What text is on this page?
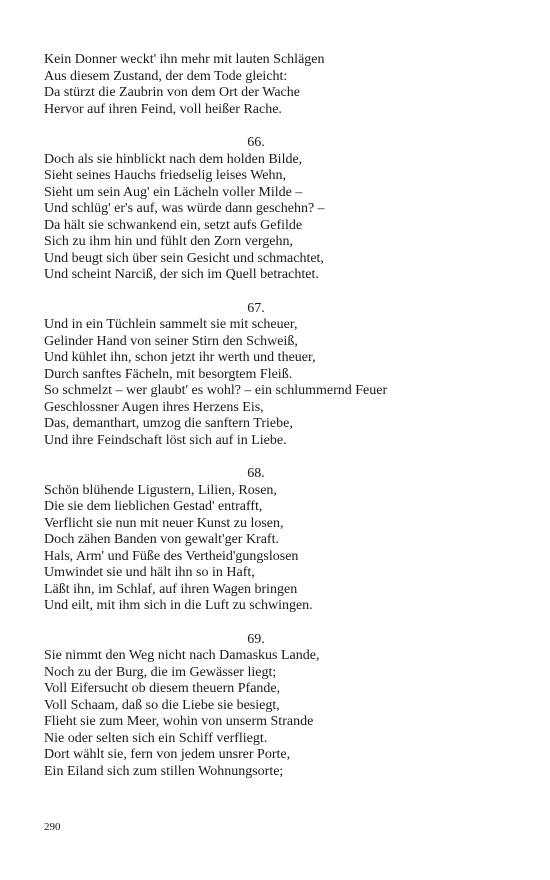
Kein Donner weckt' ihn mehr mit lauten Schlägen
Aus diesem Zustand, der dem Tode gleicht:
Da stürzt die Zaubrin von dem Ort der Wache
Hervor auf ihren Feind, voll heißer Rache.
66.
Doch als sie hinblickt nach dem holden Bilde,
Sieht seines Hauchs friedselig leises Wehn,
Sieht um sein Aug' ein Lächeln voller Milde –
Und schlüg' er's auf, was würde dann geschehn? –
Da hält sie schwankend ein, setzt aufs Gefilde
Sich zu ihm hin und fühlt den Zorn vergehn,
Und beugt sich über sein Gesicht und schmachtet,
Und scheint Narciß, der sich im Quell betrachtet.
67.
Und in ein Tüchlein sammelt sie mit scheuer,
Gelinder Hand von seiner Stirn den Schweiß,
Und kühlet ihn, schon jetzt ihr werth und theuer,
Durch sanftes Fächeln, mit besorgtem Fleiß.
So schmelzt – wer glaubt' es wohl? – ein schlummernd Feuer
Geschlossner Augen ihres Herzens Eis,
Das, demanthart, umzog die sanftern Triebe,
Und ihre Feindschaft löst sich auf in Liebe.
68.
Schön blühende Ligustern, Lilien, Rosen,
Die sie dem lieblichen Gestad' entrafft,
Verflicht sie nun mit neuer Kunst zu losen,
Doch zähen Banden von gewalt'ger Kraft.
Hals, Arm' und Füße des Vertheid'gungslosen
Umwindet sie und hält ihn so in Haft,
Läßt ihn, im Schlaf, auf ihren Wagen bringen
Und eilt, mit ihm sich in die Luft zu schwingen.
69.
Sie nimmt den Weg nicht nach Damaskus Lande,
Noch zu der Burg, die im Gewässer liegt;
Voll Eifersucht ob diesem theuern Pfande,
Voll Schaam, daß so die Liebe sie besiegt,
Flieht sie zum Meer, wohin von unserm Strande
Nie oder selten sich ein Schiff verfliegt.
Dort wählt sie, fern von jedem unsrer Porte,
Ein Eiland sich zum stillen Wohnungsorte;
290
